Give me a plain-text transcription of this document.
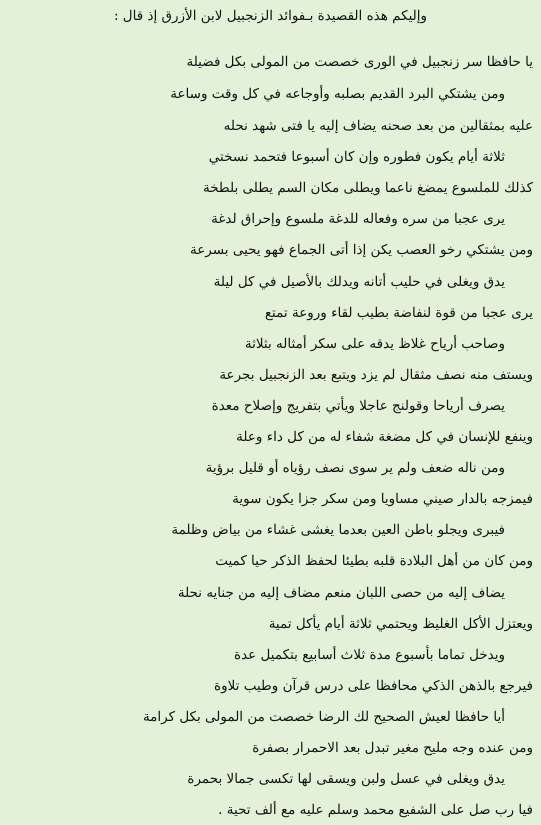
وإليكم هذه القصيدة بـفوائد الزنجبيل لابن الأزرق إذ قال :
يا حافظا سر زنجبيل في الورى خصصت من المولى بكل فضيلة
ومن يشتكي البرد القديم بصلبه وأوجاعه في كل وقت وساعة
عليه بمثقالين من بعد صحنه يضاف إليه يا فتى شهد نحله
ثلاثة أيام يكون فطوره وإن كان أسبوعا فتحمد نسختي
كذلك للملسوع يمضغ ناعما ويطلى مكان السم يطلى بلطخة
يرى عجبا من سره وفعاله للدغة ملسوع وإحراق لدغة
ومن يشتكي رخو العصب يكن إذا أتى الجماع فهو يحيى بسرعة
يدق ويغلى في حليب أتانه ويدلك بالأصيل في كل ليلة
يرى عجبا من قوة لنفاضة بطيب لقاء وروعة تمتع
وصاحب أرياح غلاظ يدقه على سكر أمثاله بثلاثة
ويستف منه نصف مثقال لم يزد ويتبع بعد الزنجبيل بجرعة
يصرف أرياحا وقولنج عاجلا ويأتي بتفريج وإصلاح معدة
وينفع للإنسان في كل مضغة شفاء له من كل داء وعلة
ومن ناله ضعف ولم ير سوى نصف رؤياه أو قليل برؤية
فيمزجه بالدار صيني مساويا ومن سكر جزا يكون سوية
فيبرى ويجلو باطن العين بعدما يغشى غشاء من بياض وظلمة
ومن كان من أهل البلادة قلبه بطيئا لحفظ الذكر حيا كميت
يضاف إليه من حصى اللبان منعم مضاف إليه من جنايه نحلة
ويعتزل الأكل الغليظ ويحتمي ثلاثة أيام يأكل تمية
ويدخل تماما بأسبوع مدة ثلاث أسابيع بتكميل عدة
فيرجع بالذهن الذكي محافظا على درس قرآن وطيب تلاوة
أيا حافظا لعيش الصحيح لك الرضا خصصت من المولى بكل كرامة
ومن عنده وجه مليح مغير تبدل بعد الاحمرار بصفرة
يدق ويغلى في عسل ولبن ويسقى لها تكسى جمالا بحمرة
فيا رب صل على الشفيع محمد وسلم عليه مع ألف تحية .
